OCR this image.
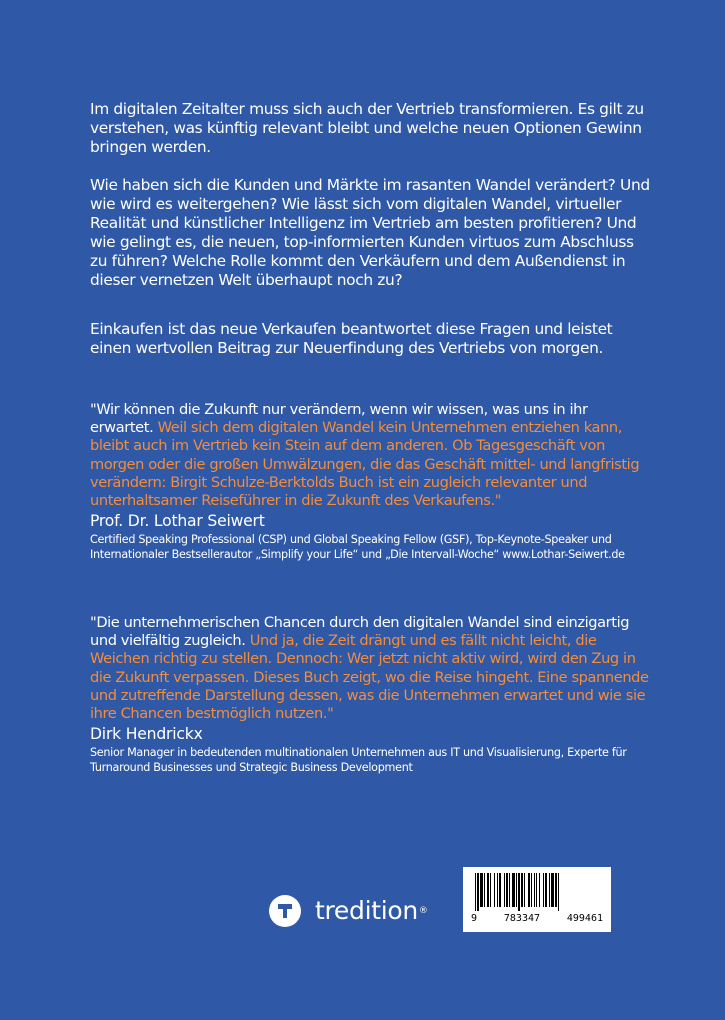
Im digitalen Zeitalter muss sich auch der Vertrieb transformieren. Es gilt zu verstehen, was künftig relevant bleibt und welche neuen Optionen Gewinn bringen werden.

Wie haben sich die Kunden und Märkte im rasanten Wandel verändert? Und wie wird es weitergehen? Wie lässt sich vom digitalen Wandel, virtueller Realität und künstlicher Intelligenz im Vertrieb am besten profitieren? Und wie gelingt es, die neuen, top-informierten Kunden virtuos zum Abschluss zu führen? Welche Rolle kommt den Verkäufern und dem Außendienst in dieser vernetzen Welt überhaupt noch zu?

Einkaufen ist das neue Verkaufen beantwortet diese Fragen und leistet einen wertvollen Beitrag zur Neuerfindung des Vertriebs von morgen.

"Wir können die Zukunft nur verändern, wenn wir wissen, was uns in ihr erwartet. Weil sich dem digitalen Wandel kein Unternehmen entziehen kann, bleibt auch im Vertrieb kein Stein auf dem anderen. Ob Tagesgeschäft von morgen oder die großen Umwälzungen, die das Geschäft mittel- und langfristig verändern: Birgit Schulze-Berktolds Buch ist ein zugleich relevanter und unterhaltsamer Reiseführer in die Zukunft des Verkaufens."

Prof. Dr. Lothar Seiwert

Certified Speaking Professional (CSP) und Global Speaking Fellow (GSF), Top-Keynote-Speaker und Internationaler Bestsellerautor „Simplify your Life“ und „Die Intervall-Woche“ www.Lothar-Seiwert.de

"Die unternehmerischen Chancen durch den digitalen Wandel sind einzigartig und vielfältig zugleich. Und ja, die Zeit drängt und es fällt nicht leicht, die Weichen richtig zu stellen. Dennoch: Wer jetzt nicht aktiv wird, wird den Zug in die Zukunft verpassen. Dieses Buch zeigt, wo die Reise hingeht. Eine spannende und zutreffende Darstellung dessen, was die Unternehmen erwartet und wie sie ihre Chancen bestmöglich nutzen."

Dirk Hendrickx

Senior Manager in bedeutenden multinationalen Unternehmen aus IT und Visualisierung, Experte für Turnaround Businesses und Strategic Business Development

tredition®
9	783347	499461
